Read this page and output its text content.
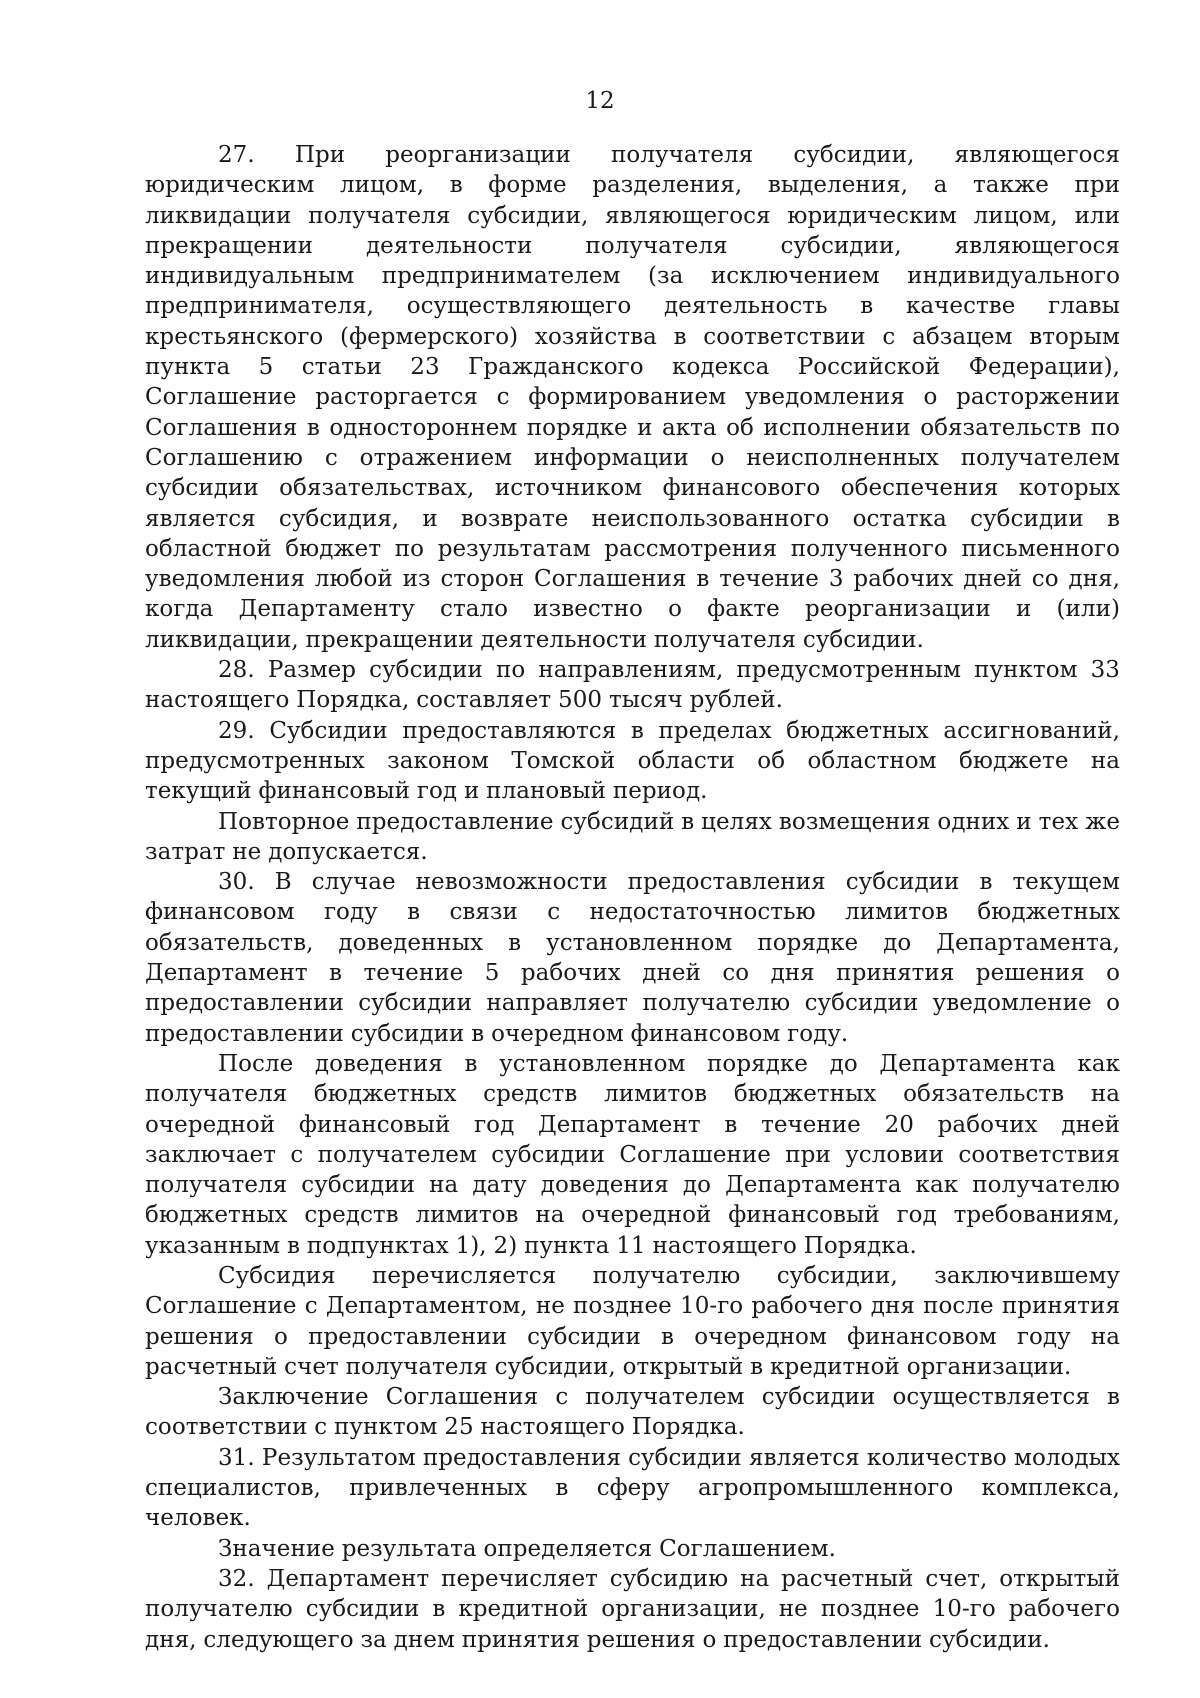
12

27. При реорганизации получателя субсидии, являющегося юридическим лицом, в форме разделения, выделения, а также при ликвидации получателя субсидии, являющегося юридическим лицом, или прекращении деятельности получателя субсидии, являющегося индивидуальным предпринимателем (за исключением индивидуального предпринимателя, осуществляющего деятельность в качестве главы крестьянского (фермерского) хозяйства в соответствии с абзацем вторым пункта 5 статьи 23 Гражданского кодекса Российской Федерации), Соглашение расторгается с формированием уведомления о расторжении Соглашения в одностороннем порядке и акта об исполнении обязательств по Соглашению с отражением информации о неисполненных получателем субсидии обязательствах, источником финансового обеспечения которых является субсидия, и возврате неиспользованного остатка субсидии в областной бюджет по результатам рассмотрения полученного письменного уведомления любой из сторон Соглашения в течение 3 рабочих дней со дня, когда Департаменту стало известно о факте реорганизации и (или) ликвидации, прекращении деятельности получателя субсидии.

28. Размер субсидии по направлениям, предусмотренным пунктом 33 настоящего Порядка, составляет 500 тысяч рублей.

29. Субсидии предоставляются в пределах бюджетных ассигнований, предусмотренных законом Томской области об областном бюджете на текущий финансовый год и плановый период.

Повторное предоставление субсидий в целях возмещения одних и тех же затрат не допускается.

30. В случае невозможности предоставления субсидии в текущем финансовом году в связи с недостаточностью лимитов бюджетных обязательств, доведенных в установленном порядке до Департамента, Департамент в течение 5 рабочих дней со дня принятия решения о предоставлении субсидии направляет получателю субсидии уведомление о предоставлении субсидии в очередном финансовом году.

После доведения в установленном порядке до Департамента как получателя бюджетных средств лимитов бюджетных обязательств на очередной финансовый год Департамент в течение 20 рабочих дней заключает с получателем субсидии Соглашение при условии соответствия получателя субсидии на дату доведения до Департамента как получателю бюджетных средств лимитов на очередной финансовый год требованиям, указанным в подпунктах 1), 2) пункта 11 настоящего Порядка.

Субсидия перечисляется получателю субсидии, заключившему Соглашение с Департаментом, не позднее 10-го рабочего дня после принятия решения о предоставлении субсидии в очередном финансовом году на расчетный счет получателя субсидии, открытый в кредитной организации.

Заключение Соглашения с получателем субсидии осуществляется в соответствии с пунктом 25 настоящего Порядка.

31. Результатом предоставления субсидии является количество молодых специалистов, привлеченных в сферу агропромышленного комплекса, человек.

Значение результата определяется Соглашением.

32. Департамент перечисляет субсидию на расчетный счет, открытый получателю субсидии в кредитной организации, не позднее 10-го рабочего дня, следующего за днем принятия решения о предоставлении субсидии.
